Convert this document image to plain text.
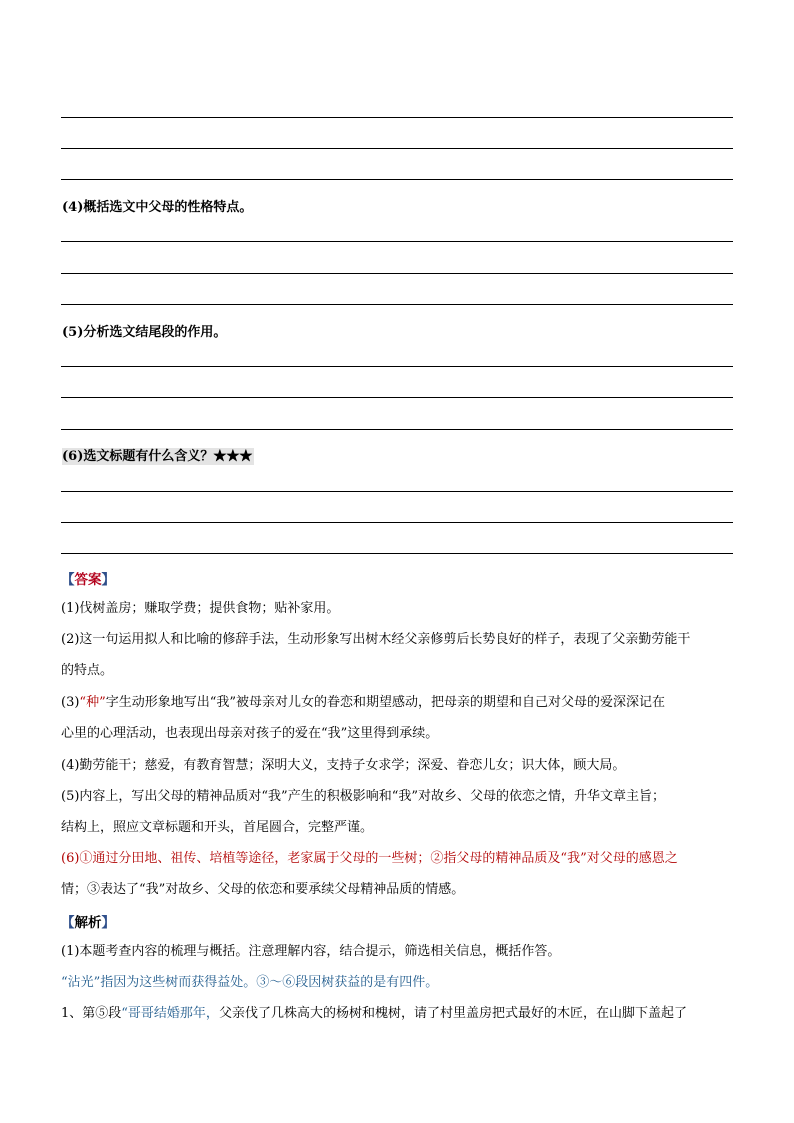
(4)概括选文中父母的性格特点。
(5)分析选文结尾段的作用。
(6)选文标题有什么含义？★★★
【答案】
(1)伐树盖房；赚取学费；提供食物；贴补家用。
(2)这一句运用拟人和比喻的修辞手法，生动形象写出树木经父亲修剪后长势良好的样子，表现了父亲勤劳能干
的特点。
(3)“种”字生动形象地写出“我”被母亲对儿女的眷恋和期望感动，把母亲的期望和自己对父母的爱深深记在
心里的心理活动，也表现出母亲对孩子的爱在“我”这里得到承续。
(4)勤劳能干；慈爱，有教育智慧；深明大义，支持子女求学；深爱、眷恋儿女；识大体，顾大局。
(5)内容上，写出父母的精神品质对“我”产生的积极影响和“我”对故乡、父母的依恋之情，升华文章主旨；
结构上，照应文章标题和开头，首尾圆合，完整严谨。
(6)①通过分田地、祖传、培植等途径，老家属于父母的一些树；②指父母的精神品质及“我”对父母的感恩之
情；③表达了“我”对故乡、父母的依恋和要承续父母精神品质的情感。
【解析】
(1)本题考查内容的梳理与概括。注意理解内容，结合提示，筛选相关信息，概括作答。
“沾光”指因为这些树而获得益处。③～⑥段因树获益的是有四件。
1、第⑤段“哥哥结婚那年，父亲伐了几株高大的杨树和槐树，请了村里盖房把式最好的木匠，在山脚下盖起了
